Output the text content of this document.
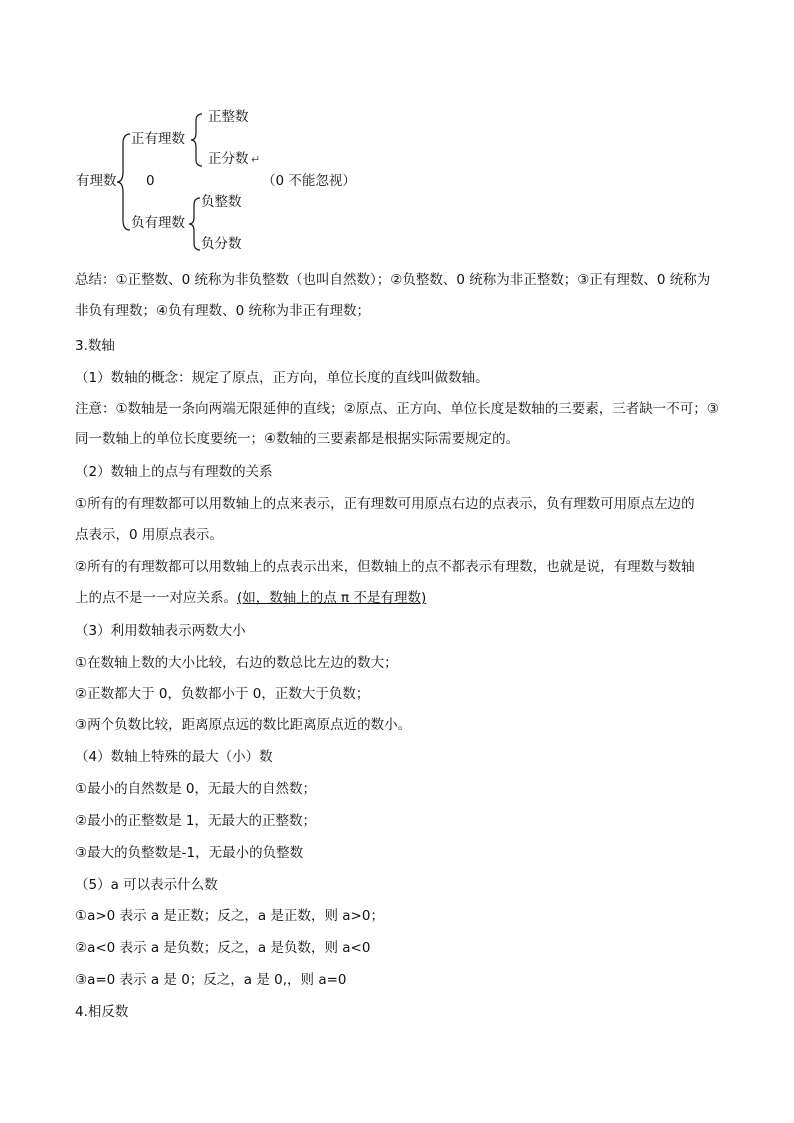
有理数
正有理数
正整数
正分数 ↵
0	（0 不能忽视）
负有理数
负整数
负分数
总结：①正整数、0 统称为非负整数（也叫自然数）；②负整数、0 统称为非正整数；③正有理数、0 统称为
非负有理数；④负有理数、0 统称为非正有理数；
3.数轴
（1）数轴的概念：规定了原点，正方向，单位长度的直线叫做数轴。
注意：①数轴是一条向两端无限延伸的直线；②原点、正方向、单位长度是数轴的三要素，三者缺一不可；③
同一数轴上的单位长度要统一；④数轴的三要素都是根据实际需要规定的。
（2）数轴上的点与有理数的关系
①所有的有理数都可以用数轴上的点来表示，正有理数可用原点右边的点表示，负有理数可用原点左边的
点表示，0 用原点表示。
②所有的有理数都可以用数轴上的点表示出来，但数轴上的点不都表示有理数，也就是说，有理数与数轴
上的点不是一一对应关系。(如，数轴上的点 π 不是有理数)
（3）利用数轴表示两数大小
①在数轴上数的大小比较，右边的数总比左边的数大；
②正数都大于 0，负数都小于 0，正数大于负数；
③两个负数比较，距离原点远的数比距离原点近的数小。
（4）数轴上特殊的最大（小）数
①最小的自然数是 0，无最大的自然数；
②最小的正整数是 1，无最大的正整数；
③最大的负整数是-1，无最小的负整数
（5）a 可以表示什么数
①a>0 表示 a 是正数；反之，a 是正数，则 a>0；
②a<0 表示 a 是负数；反之，a 是负数，则 a<0
③a=0 表示 a 是 0；反之，a 是 0,，则 a=0
4.相反数
